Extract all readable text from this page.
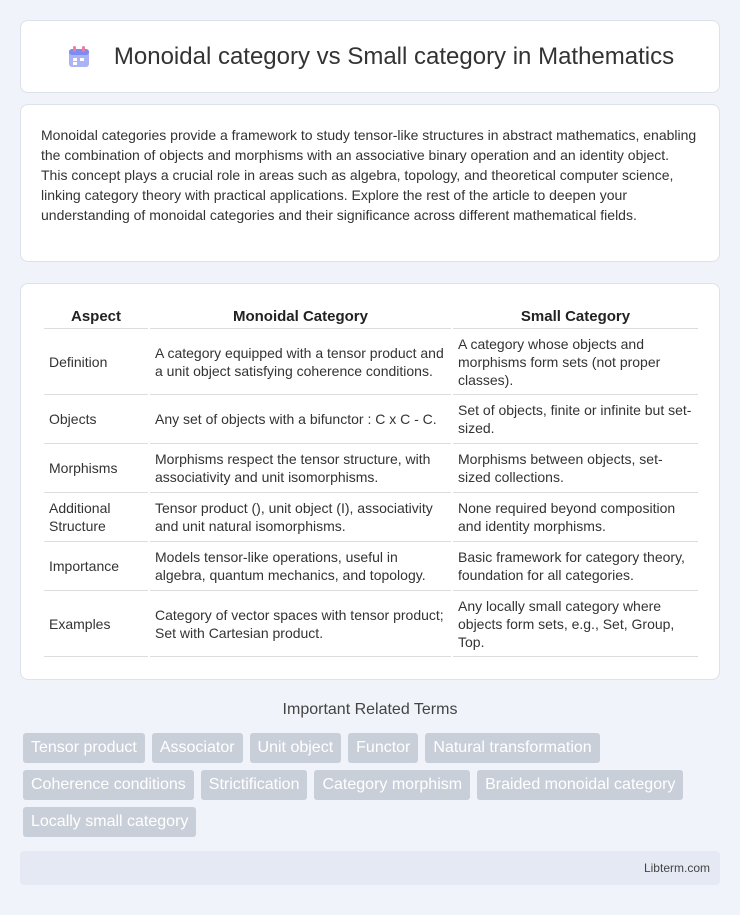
Monoidal category vs Small category in Mathematics

Monoidal categories provide a framework to study tensor-like structures in abstract mathematics, enabling the combination of objects and morphisms with an associative binary operation and an identity object. This concept plays a crucial role in areas such as algebra, topology, and theoretical computer science, linking category theory with practical applications. Explore the rest of the article to deepen your understanding of monoidal categories and their significance across different mathematical fields.

Aspect	Monoidal Category	Small Category
Definition	A category equipped with a tensor product and a unit object satisfying coherence conditions.	A category whose objects and morphisms form sets (not proper classes).
Objects	Any set of objects with a bifunctor : C x C - C.	Set of objects, finite or infinite but set-sized.
Morphisms	Morphisms respect the tensor structure, with associativity and unit isomorphisms.	Morphisms between objects, set-sized collections.
Additional Structure	Tensor product (), unit object (I), associativity and unit natural isomorphisms.	None required beyond composition and identity morphisms.
Importance	Models tensor-like operations, useful in algebra, quantum mechanics, and topology.	Basic framework for category theory, foundation for all categories.
Examples	Category of vector spaces with tensor product; Set with Cartesian product.	Any locally small category where objects form sets, e.g., Set, Group, Top.
Important Related Terms
Tensor product	Associator	Unit object	Functor	Natural transformation
Coherence conditions	Strictification	Category morphism	Braided monoidal category
Locally small category
Libterm.com
